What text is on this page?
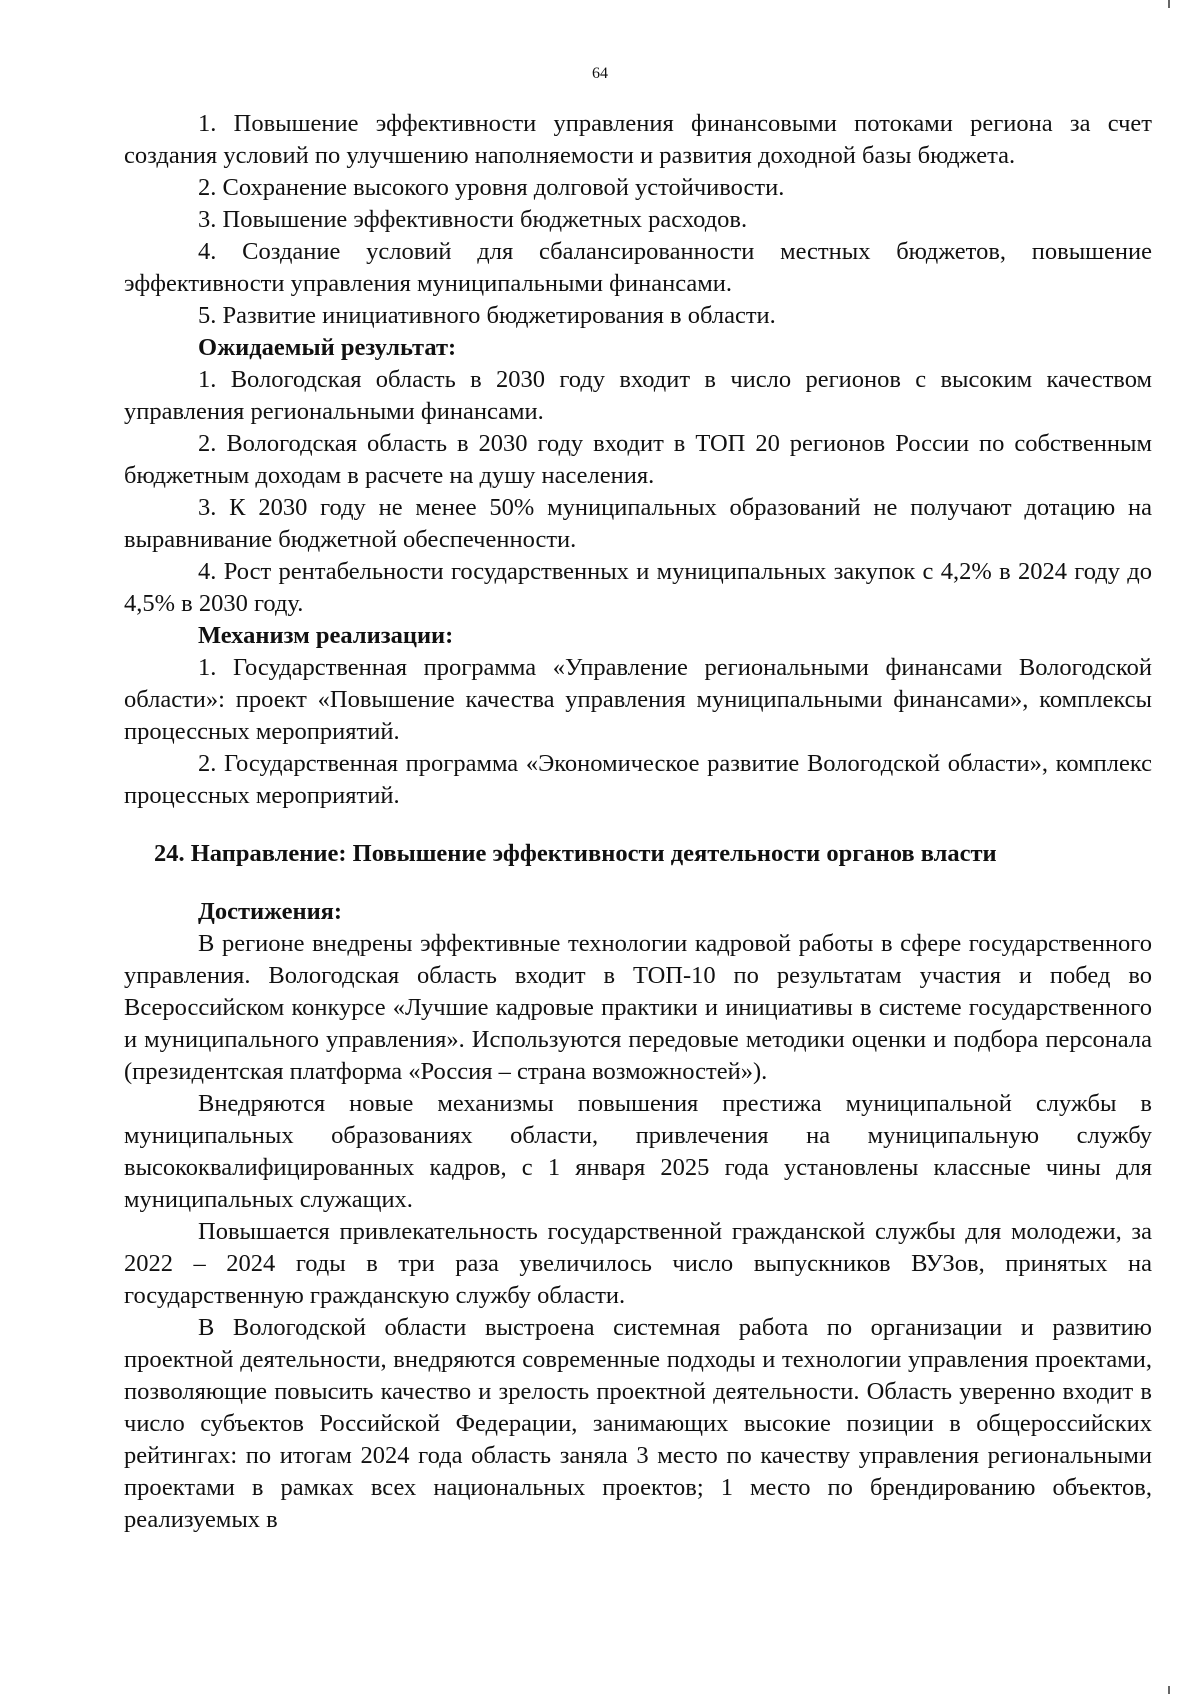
64

1. Повышение эффективности управления финансовыми потоками региона за счет создания условий по улучшению наполняемости и развития доходной базы бюджета.

2. Сохранение высокого уровня долговой устойчивости.

3. Повышение эффективности бюджетных расходов.

4. Создание условий для сбалансированности местных бюджетов, повышение эффективности управления муниципальными финансами.

5. Развитие инициативного бюджетирования в области.

Ожидаемый результат:

1. Вологодская область в 2030 году входит в число регионов с высоким качеством управления региональными финансами.

2. Вологодская область в 2030 году входит в ТОП 20 регионов России по собственным бюджетным доходам в расчете на душу населения.

3. К 2030 году не менее 50% муниципальных образований не получают дотацию на выравнивание бюджетной обеспеченности.

4. Рост рентабельности государственных и муниципальных закупок с 4,2% в 2024 году до 4,5% в 2030 году.

Механизм реализации:

1. Государственная программа «Управление региональными финансами Вологодской области»: проект «Повышение качества управления муниципальными финансами», комплексы процессных мероприятий.

2. Государственная программа «Экономическое развитие Вологодской области», комплекс процессных мероприятий.

24. Направление: Повышение эффективности деятельности органов власти

Достижения:

В регионе внедрены эффективные технологии кадровой работы в сфере государственного управления. Вологодская область входит в ТОП-10 по результатам участия и побед во Всероссийском конкурсе «Лучшие кадровые практики и инициативы в системе государственного и муниципального управления». Используются передовые методики оценки и подбора персонала (президентская платформа «Россия – страна возможностей»).

Внедряются новые механизмы повышения престижа муниципальной службы в муниципальных образованиях области, привлечения на муниципальную службу высококвалифицированных кадров, с 1 января 2025 года установлены классные чины для муниципальных служащих.

Повышается привлекательность государственной гражданской службы для молодежи, за 2022 – 2024 годы в три раза увеличилось число выпускников ВУЗов, принятых на государственную гражданскую службу области.

В Вологодской области выстроена системная работа по организации и развитию проектной деятельности, внедряются современные подходы и технологии управления проектами, позволяющие повысить качество и зрелость проектной деятельности. Область уверенно входит в число субъектов Российской Федерации, занимающих высокие позиции в общероссийских рейтингах: по итогам 2024 года область заняла 3 место по качеству управления региональными проектами в рамках всех национальных проектов; 1 место по брендированию объектов, реализуемых в
